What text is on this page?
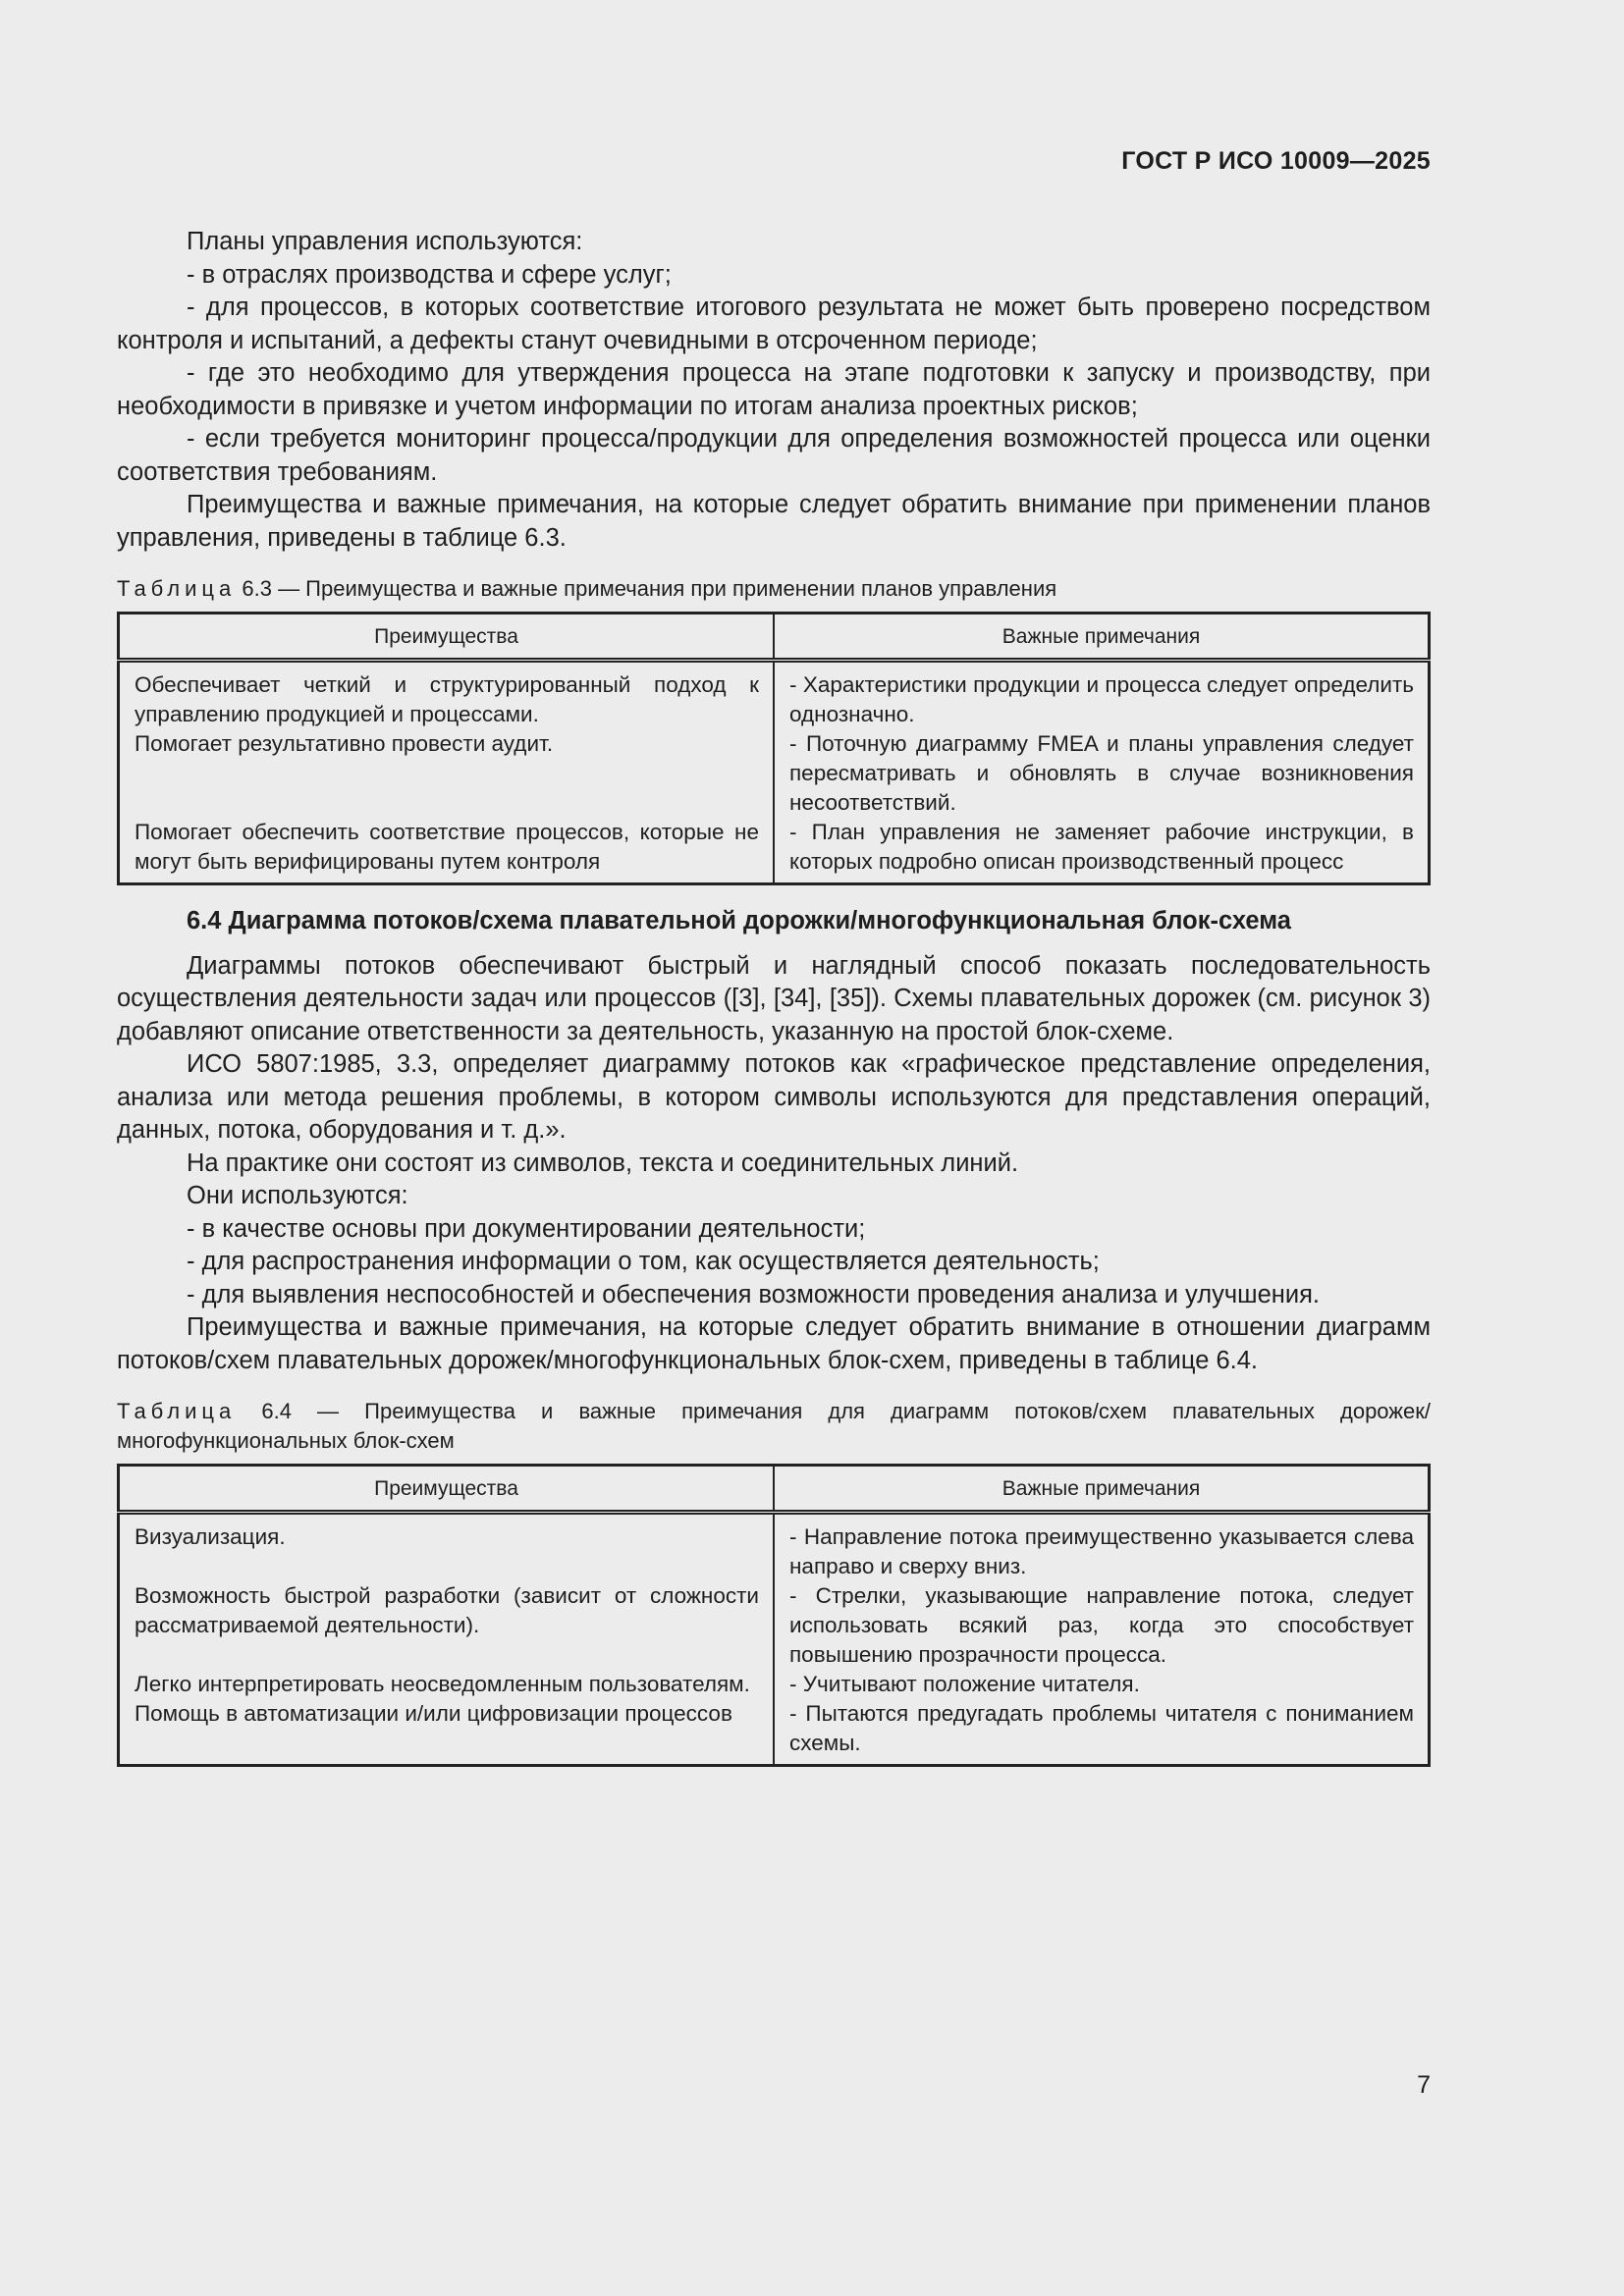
ГОСТ Р ИСО 10009—2025

Планы управления используются:

- в отраслях производства и сфере услуг;

- для процессов, в которых соответствие итогового результата не может быть проверено посредством контроля и испытаний, а дефекты станут очевидными в отсроченном периоде;

- где это необходимо для утверждения процесса на этапе подготовки к запуску и производству, при необходимости в привязке и учетом информации по итогам анализа проектных рисков;

- если требуется мониторинг процесса/продукции для определения возможностей процесса или оценки соответствия требованиям.

Преимущества и важные примечания, на которые следует обратить внимание при применении планов управления, приведены в таблице 6.3.

Таблица 6.3 — Преимущества и важные примечания при применении планов управления

Преимущества	Важные примечания
Обеспечивает четкий и структурированный подход к управлению продукцией и процессами.	- Характеристики продукции и процесса следует определить однозначно.
Помогает результативно провести аудит.	- Поточную диаграмму FMEA и планы управления следует пересматривать и обновлять в случае возникновения несоответствий.
Помогает обеспечить соответствие процессов, которые не могут быть верифицированы путем контроля	- План управления не заменяет рабочие инструкции, в которых подробно описан производственный процесс

6.4 Диаграмма потоков/схема плавательной дорожки/многофункциональная блок-схема

Диаграммы потоков обеспечивают быстрый и наглядный способ показать последовательность осуществления деятельности задач или процессов ([3], [34], [35]). Схемы плавательных дорожек (см. рисунок 3) добавляют описание ответственности за деятельность, указанную на простой блок-схеме.

ИСО 5807:1985, 3.3, определяет диаграмму потоков как «графическое представление определения, анализа или метода решения проблемы, в котором символы используются для представления операций, данных, потока, оборудования и т. д.».

На практике они состоят из символов, текста и соединительных линий.

Они используются:

- в качестве основы при документировании деятельности;

- для распространения информации о том, как осуществляется деятельность;

- для выявления неспособностей и обеспечения возможности проведения анализа и улучшения.

Преимущества и важные примечания, на которые следует обратить внимание в отношении диаграмм потоков/схем плавательных дорожек/многофункциональных блок-схем, приведены в таблице 6.4.

Таблица 6.4 — Преимущества и важные примечания для диаграмм потоков/схем плавательных дорожек/многофункциональных блок-схем

Преимущества	Важные примечания
Визуализация.	- Направление потока преимущественно указывается слева направо и сверху вниз.
Возможность быстрой разработки (зависит от сложности рассматриваемой деятельности).	- Стрелки, указывающие направление потока, следует использовать всякий раз, когда это способствует повышению прозрачности процесса.
Легко интерпретировать неосведомленным пользователям.	- Учитывают положение читателя.
Помощь в автоматизации и/или цифровизации процессов	- Пытаются предугадать проблемы читателя с пониманием схемы.
7
